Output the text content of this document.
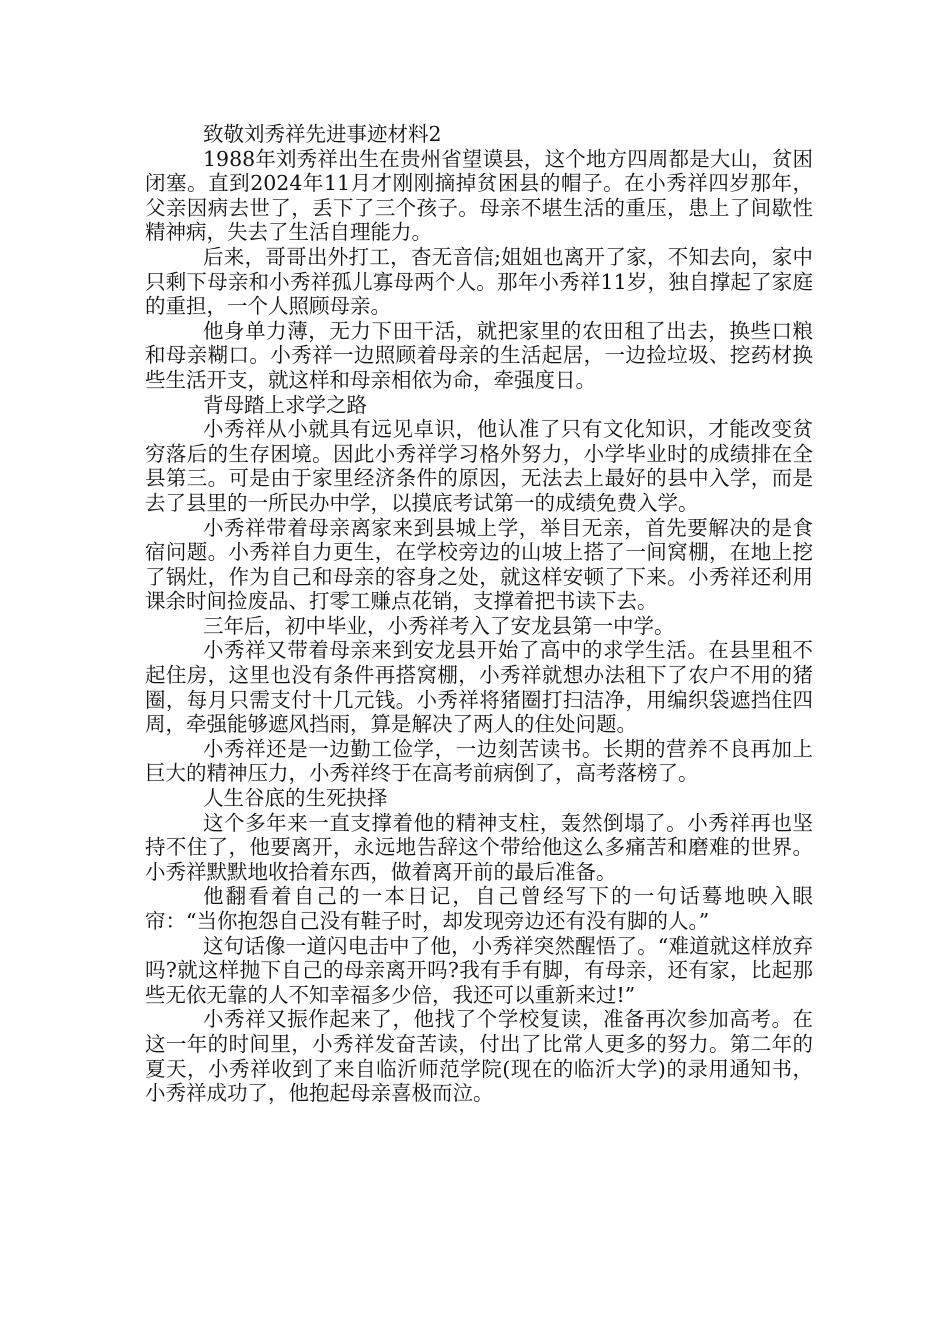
致敬刘秀祥先进事迹材料2

1988年刘秀祥出生在贵州省望谟县，这个地方四周都是大山，贫困闭塞。直到2024年11月才刚刚摘掉贫困县的帽子。在小秀祥四岁那年，父亲因病去世了，丢下了三个孩子。母亲不堪生活的重压，患上了间歇性精神病，失去了生活自理能力。

后来，哥哥出外打工，杳无音信;姐姐也离开了家，不知去向，家中只剩下母亲和小秀祥孤儿寡母两个人。那年小秀祥11岁，独自撑起了家庭的重担，一个人照顾母亲。

他身单力薄，无力下田干活，就把家里的农田租了出去，换些口粮和母亲糊口。小秀祥一边照顾着母亲的生活起居，一边捡垃圾、挖药材换些生活开支，就这样和母亲相依为命，牵强度日。

背母踏上求学之路

小秀祥从小就具有远见卓识，他认准了只有文化知识，才能改变贫穷落后的生存困境。因此小秀祥学习格外努力，小学毕业时的成绩排在全县第三。可是由于家里经济条件的原因，无法去上最好的县中入学，而是去了县里的一所民办中学，以摸底考试第一的成绩免费入学。

小秀祥带着母亲离家来到县城上学，举目无亲，首先要解决的是食宿问题。小秀祥自力更生，在学校旁边的山坡上搭了一间窝棚，在地上挖了锅灶，作为自己和母亲的容身之处，就这样安顿了下来。小秀祥还利用课余时间捡废品、打零工赚点花销，支撑着把书读下去。

三年后，初中毕业，小秀祥考入了安龙县第一中学。

小秀祥又带着母亲来到安龙县开始了高中的求学生活。在县里租不起住房，这里也没有条件再搭窝棚，小秀祥就想办法租下了农户不用的猪圈，每月只需支付十几元钱。小秀祥将猪圈打扫洁净，用编织袋遮挡住四周，牵强能够遮风挡雨，算是解决了两人的住处问题。

小秀祥还是一边勤工俭学，一边刻苦读书。长期的营养不良再加上巨大的精神压力，小秀祥终于在高考前病倒了，高考落榜了。

人生谷底的生死抉择

这个多年来一直支撑着他的精神支柱，轰然倒塌了。小秀祥再也坚持不住了，他要离开，永远地告辞这个带给他这么多痛苦和磨难的世界。小秀祥默默地收拾着东西，做着离开前的最后准备。

他翻看着自己的一本日记，自己曾经写下的一句话蓦地映入眼帘：“当你抱怨自己没有鞋子时，却发现旁边还有没有脚的人。”

这句话像一道闪电击中了他，小秀祥突然醒悟了。“难道就这样放弃吗?就这样抛下自己的母亲离开吗?我有手有脚，有母亲，还有家，比起那些无依无靠的人不知幸福多少倍，我还可以重新来过!”

小秀祥又振作起来了，他找了个学校复读，准备再次参加高考。在这一年的时间里，小秀祥发奋苦读，付出了比常人更多的努力。第二年的夏天，小秀祥收到了来自临沂师范学院(现在的临沂大学)的录用通知书，小秀祥成功了，他抱起母亲喜极而泣。
